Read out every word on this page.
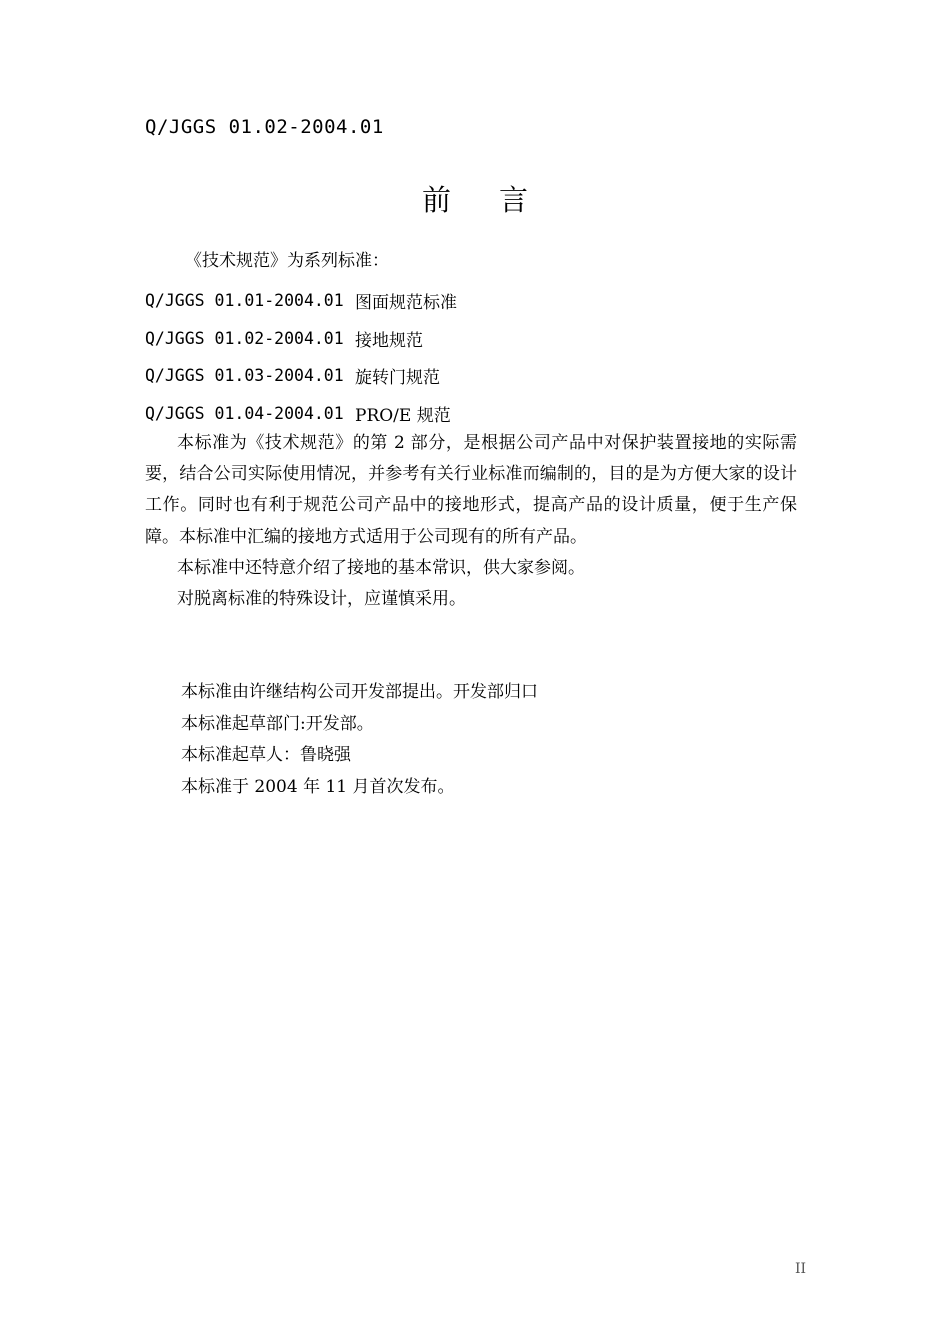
Q/JGGS 01.02-2004.01
前言
《技术规范》为系列标准：
Q/JGGS 01.01-2004.01 图面规范标准
Q/JGGS 01.02-2004.01 接地规范
Q/JGGS 01.03-2004.01 旋转门规范
Q/JGGS 01.04-2004.01 PRO/E 规范

本标准为《技术规范》的第 2 部分，是根据公司产品中对保护装置接地的实际需要，结合公司实际使用情况，并参考有关行业标准而编制的，目的是为方便大家的设计工作。同时也有利于规范公司产品中的接地形式，提高产品的设计质量，便于生产保障。本标准中汇编的接地方式适用于公司现有的所有产品。

本标准中还特意介绍了接地的基本常识，供大家参阅。

对脱离标准的特殊设计，应谨慎采用。

本标准由许继结构公司开发部提出。开发部归口

本标准起草部门:开发部。

本标准起草人：鲁晓强

本标准于 2004 年 11 月首次发布。

II
